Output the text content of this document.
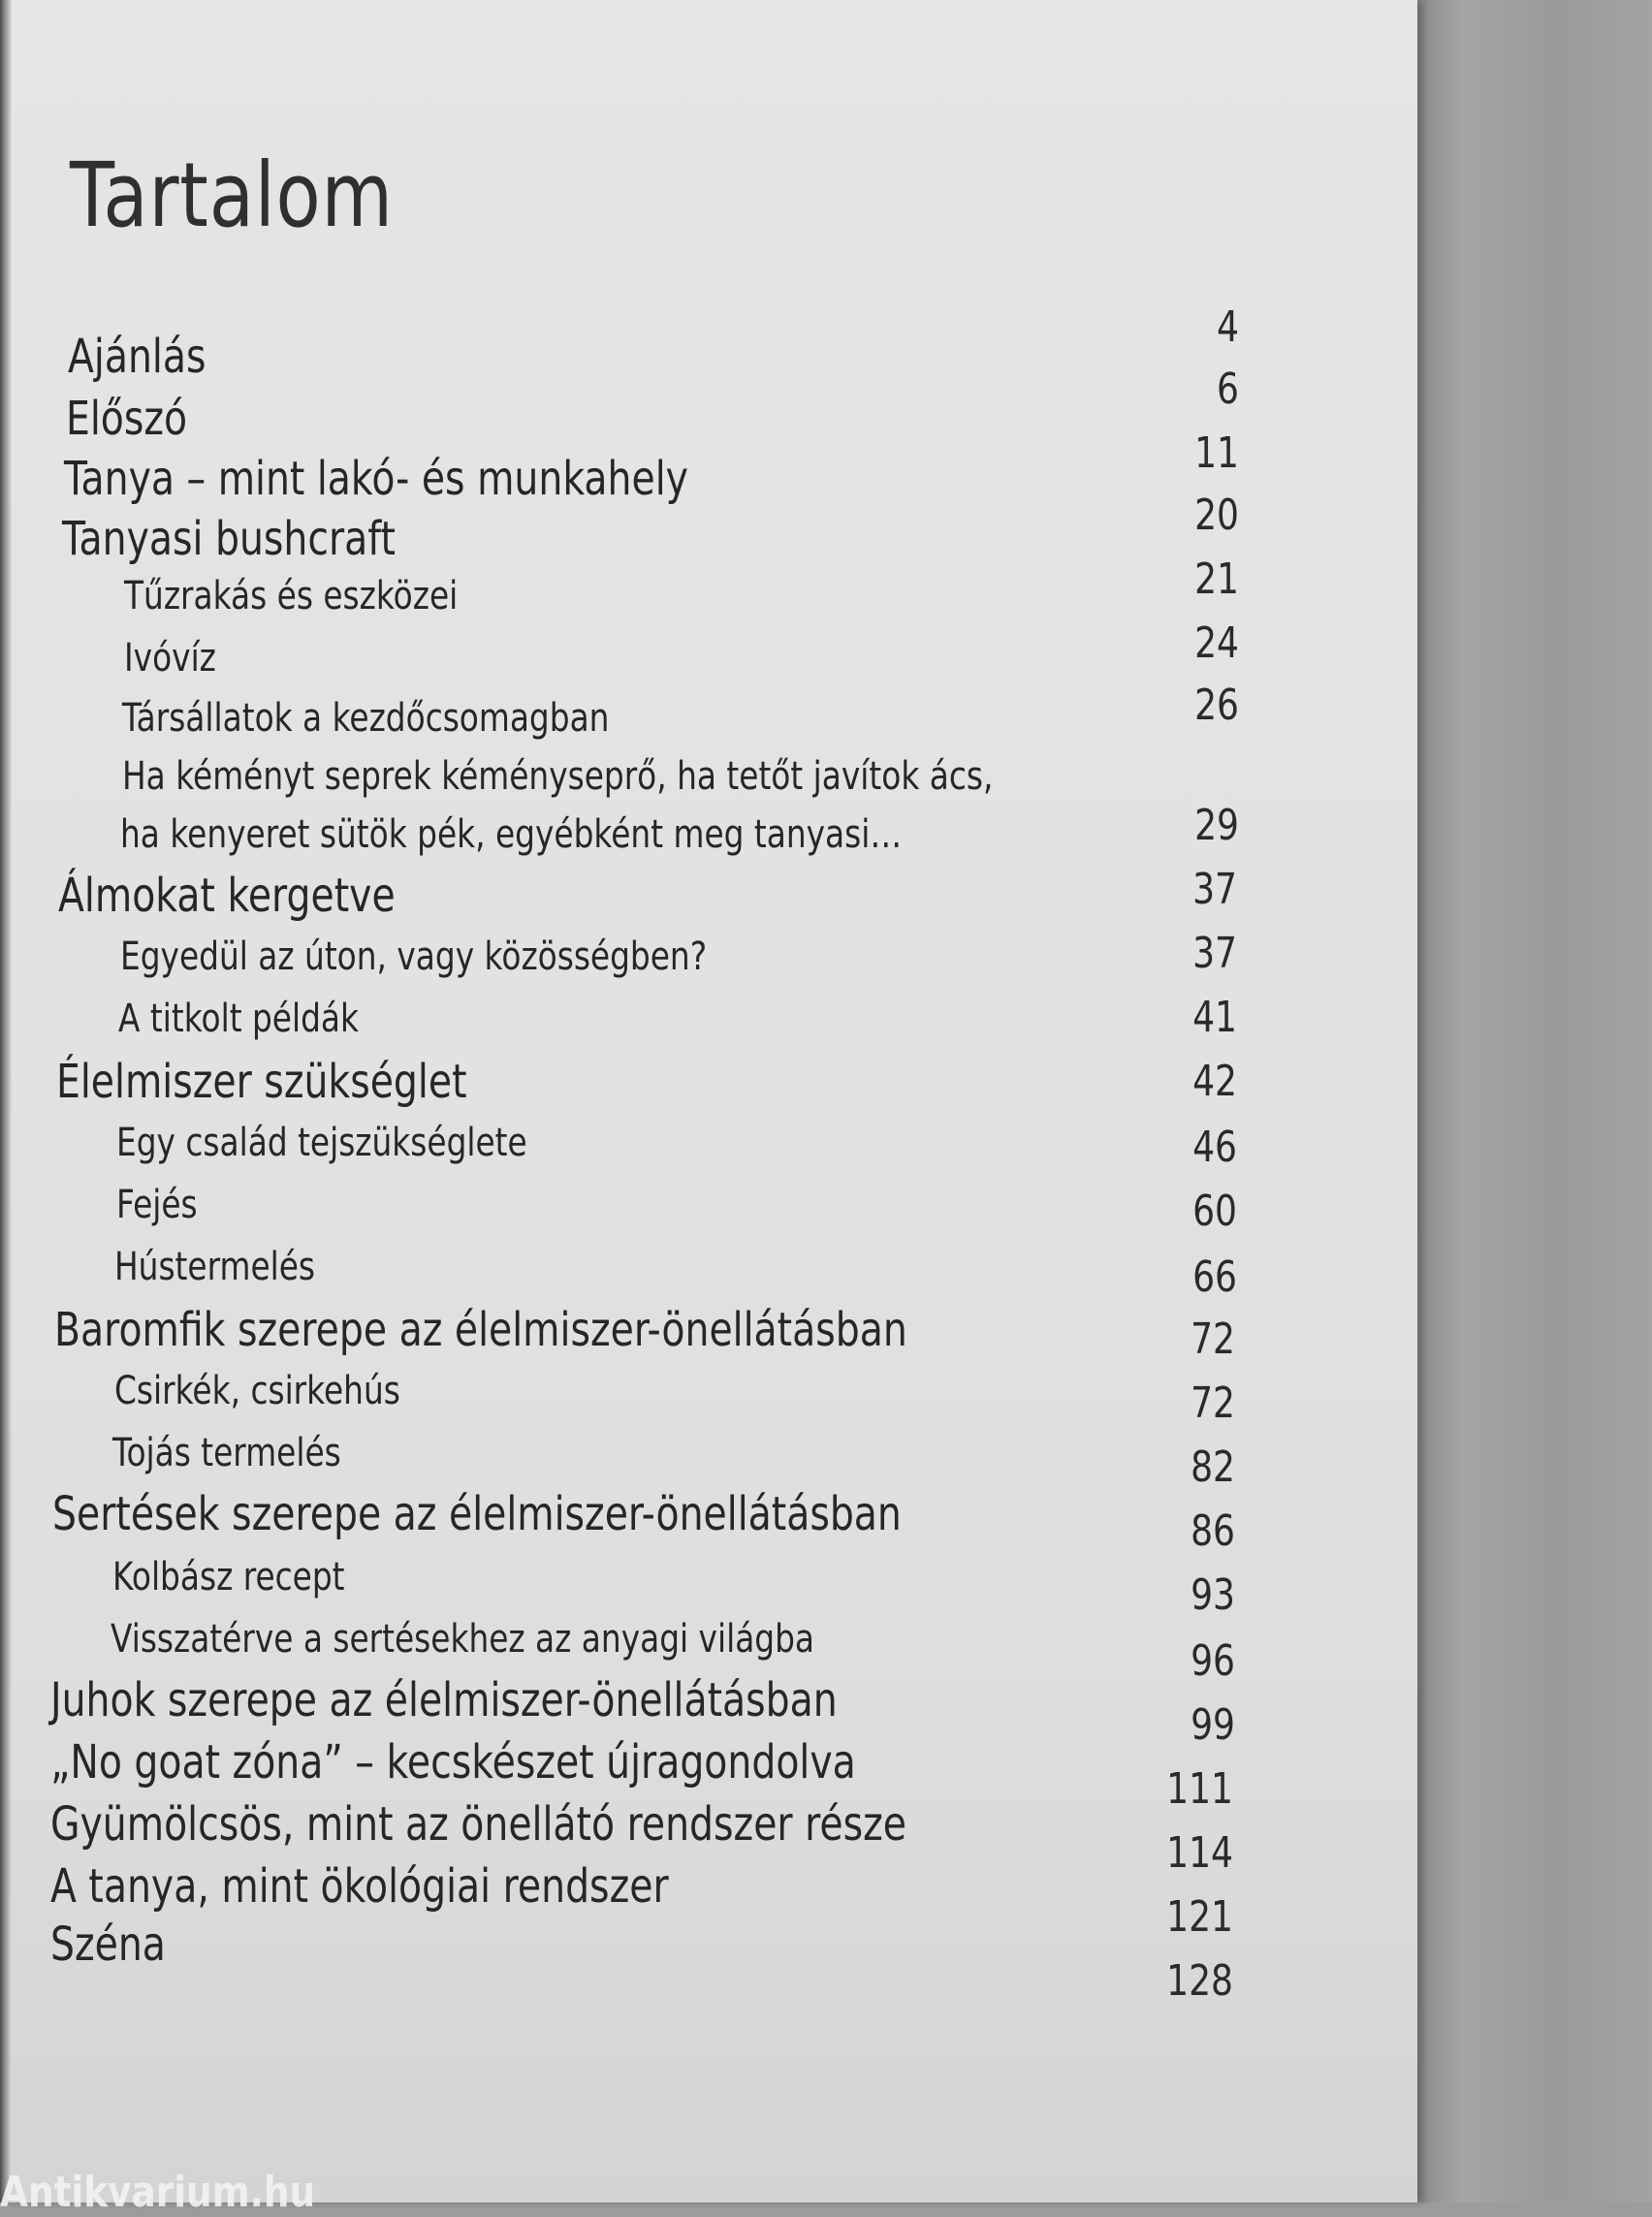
Tartalom
Ajánlás
Előszó
Tanya – mint lakó- és munkahely
Tanyasi bushcraft
Tűzrakás és eszközei
Ivóvíz
Társállatok a kezdőcsomagban
Ha kéményt seprek kéményseprő, ha tetőt javítok ács,
ha kenyeret sütök pék, egyébként meg tanyasi…
Álmokat kergetve
Egyedül az úton, vagy közösségben?
A titkolt példák
Élelmiszer szükséglet
Egy család tejszükséglete
Fejés
Hústermelés
Baromfik szerepe az élelmiszer-önellátásban
Csirkék, csirkehús
Tojás termelés
Sertések szerepe az élelmiszer-önellátásban
Kolbász recept
Visszatérve a sertésekhez az anyagi világba
Juhok szerepe az élelmiszer-önellátásban
„No goat zóna” – kecskészet újragondolva
Gyümölcsös, mint az önellátó rendszer része
A tanya, mint ökológiai rendszer
Széna
4
6
11
20
21
24
26
29
37
37
41
42
46
60
66
72
72
82
86
93
96
99
111
114
121
128
Antikvarium.hu
